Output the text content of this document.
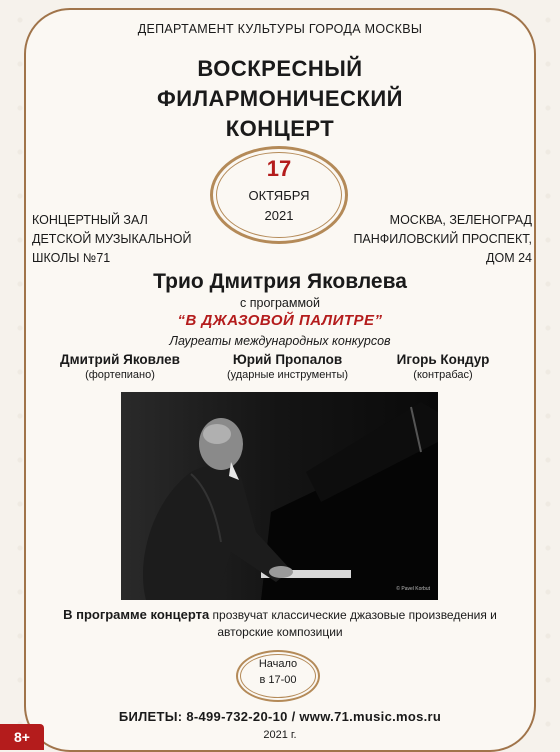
ДЕПАРТАМЕНТ КУЛЬТУРЫ ГОРОДА МОСКВЫ
ВОСКРЕСНЫЙ
ФИЛАРМОНИЧЕСКИЙ
КОНЦЕРТ
17
ОКТЯБРЯ
2021
КОНЦЕРТНЫЙ ЗАЛ
ДЕТСКОЙ МУЗЫКАЛЬНОЙ
ШКОЛЫ №71
МОСКВА, ЗЕЛЕНОГРАД
ПАНФИЛОВСКИЙ ПРОСПЕКТ,
ДОМ 24
Трио Дмитрия Яковлева
с программой
“В ДЖАЗОВОЙ ПАЛИТРЕ”
Лауреаты международных конкурсов
Дмитрий Яковлев
(фортепиано)
Юрий Пропалов
(ударные инструменты)
Игорь Кондур
(контрабас)
© Pavel Korbut
В программе концерта прозвучат классические джазовые произведения и авторские композиции
Начало
в 17-00
БИЛЕТЫ: 8-499-732-20-10 / www.71.music.mos.ru
2021 г.
8+
